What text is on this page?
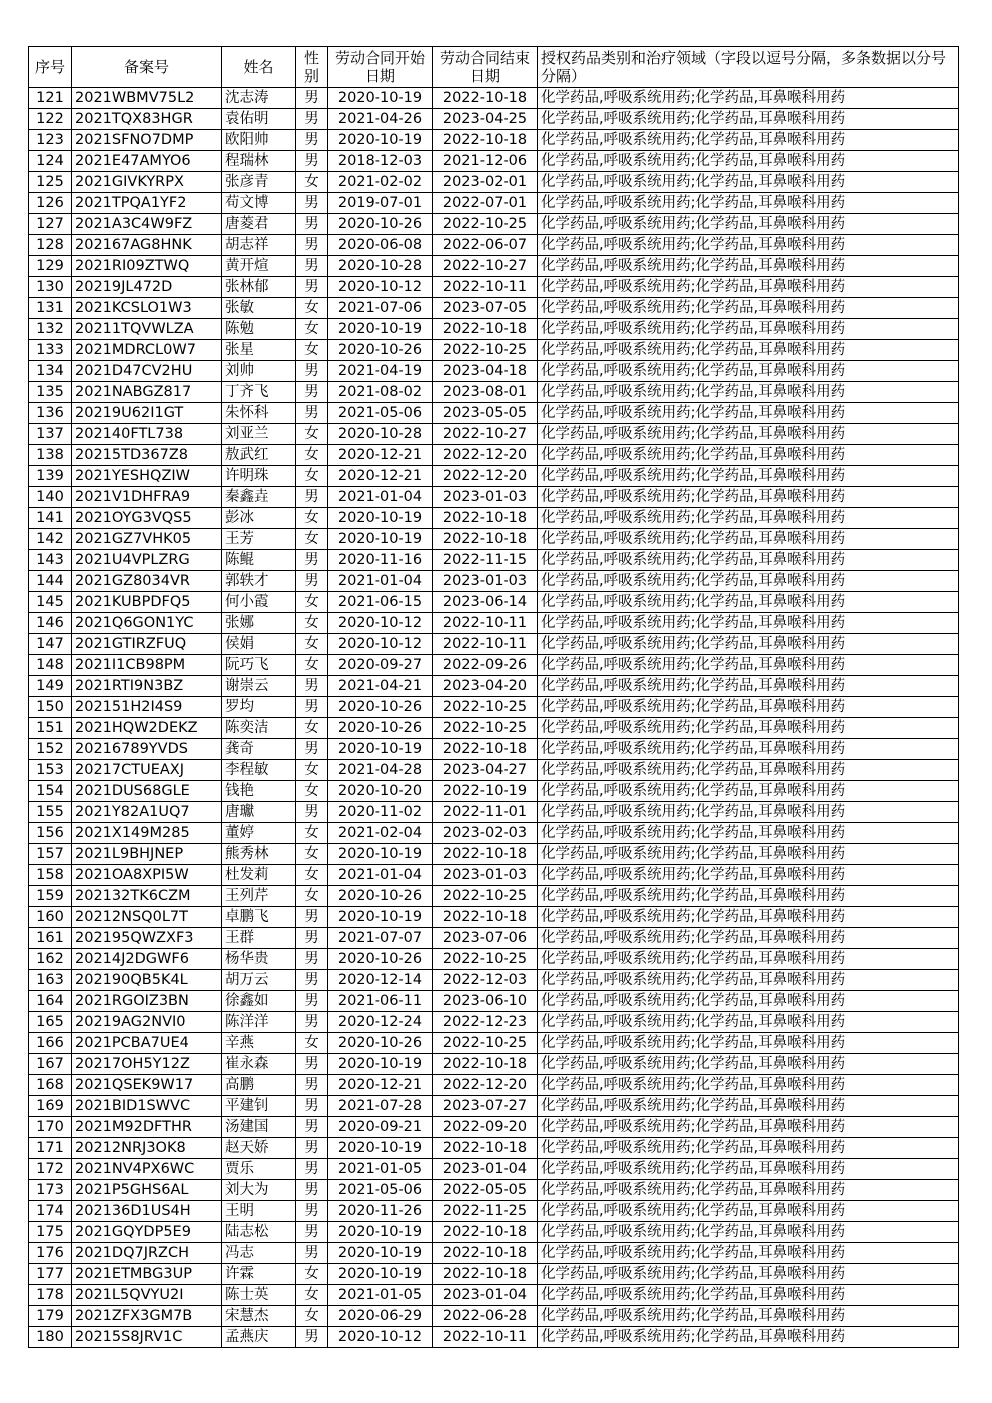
序号	备案号	姓名	性别	劳动合同开始日期	劳动合同结束日期	授权药品类别和治疗领域（字段以逗号分隔，多条数据以分号分隔）
121	2021WBMV75L2	沈志涛	男	2020-10-19	2022-10-18	化学药品,呼吸系统用药;化学药品,耳鼻喉科用药
122	2021TQX83HGR	袁佑明	男	2021-04-26	2023-04-25	化学药品,呼吸系统用药;化学药品,耳鼻喉科用药
123	2021SFNO7DMP	欧阳帅	男	2020-10-19	2022-10-18	化学药品,呼吸系统用药;化学药品,耳鼻喉科用药
124	2021E47AMYO6	程瑞林	男	2018-12-03	2021-12-06	化学药品,呼吸系统用药;化学药品,耳鼻喉科用药
125	2021GIVKYRPX	张彦青	女	2021-02-02	2023-02-01	化学药品,呼吸系统用药;化学药品,耳鼻喉科用药
126	2021TPQA1YF2	苟文博	男	2019-07-01	2022-07-01	化学药品,呼吸系统用药;化学药品,耳鼻喉科用药
127	2021A3C4W9FZ	唐菱君	男	2020-10-26	2022-10-25	化学药品,呼吸系统用药;化学药品,耳鼻喉科用药
128	202167AG8HNK	胡志祥	男	2020-06-08	2022-06-07	化学药品,呼吸系统用药;化学药品,耳鼻喉科用药
129	2021RI09ZTWQ	黄开煊	男	2020-10-28	2022-10-27	化学药品,呼吸系统用药;化学药品,耳鼻喉科用药
130	20219JL472D	张林郁	男	2020-10-12	2022-10-11	化学药品,呼吸系统用药;化学药品,耳鼻喉科用药
131	2021KCSLO1W3	张敏	女	2021-07-06	2023-07-05	化学药品,呼吸系统用药;化学药品,耳鼻喉科用药
132	20211TQVWLZA	陈勉	女	2020-10-19	2022-10-18	化学药品,呼吸系统用药;化学药品,耳鼻喉科用药
133	2021MDRCL0W7	张星	女	2020-10-26	2022-10-25	化学药品,呼吸系统用药;化学药品,耳鼻喉科用药
134	2021D47CV2HU	刘帅	男	2021-04-19	2023-04-18	化学药品,呼吸系统用药;化学药品,耳鼻喉科用药
135	2021NABGZ817	丁齐飞	男	2021-08-02	2023-08-01	化学药品,呼吸系统用药;化学药品,耳鼻喉科用药
136	20219U62I1GT	朱怀科	男	2021-05-06	2023-05-05	化学药品,呼吸系统用药;化学药品,耳鼻喉科用药
137	202140FTL738	刘亚兰	女	2020-10-28	2022-10-27	化学药品,呼吸系统用药;化学药品,耳鼻喉科用药
138	20215TD367Z8	敖武红	女	2020-12-21	2022-12-20	化学药品,呼吸系统用药;化学药品,耳鼻喉科用药
139	2021YESHQZIW	许明珠	女	2020-12-21	2022-12-20	化学药品,呼吸系统用药;化学药品,耳鼻喉科用药
140	2021V1DHFRA9	秦鑫垚	男	2021-01-04	2023-01-03	化学药品,呼吸系统用药;化学药品,耳鼻喉科用药
141	2021OYG3VQS5	彭冰	女	2020-10-19	2022-10-18	化学药品,呼吸系统用药;化学药品,耳鼻喉科用药
142	2021GZ7VHK05	王芳	女	2020-10-19	2022-10-18	化学药品,呼吸系统用药;化学药品,耳鼻喉科用药
143	2021U4VPLZRG	陈鲲	男	2020-11-16	2022-11-15	化学药品,呼吸系统用药;化学药品,耳鼻喉科用药
144	2021GZ8034VR	郭轶才	男	2021-01-04	2023-01-03	化学药品,呼吸系统用药;化学药品,耳鼻喉科用药
145	2021KUBPDFQ5	何小霞	女	2021-06-15	2023-06-14	化学药品,呼吸系统用药;化学药品,耳鼻喉科用药
146	2021Q6GON1YC	张娜	女	2020-10-12	2022-10-11	化学药品,呼吸系统用药;化学药品,耳鼻喉科用药
147	2021GTIRZFUQ	侯娟	女	2020-10-12	2022-10-11	化学药品,呼吸系统用药;化学药品,耳鼻喉科用药
148	2021I1CB98PM	阮巧飞	女	2020-09-27	2022-09-26	化学药品,呼吸系统用药;化学药品,耳鼻喉科用药
149	2021RTI9N3BZ	谢崇云	男	2021-04-21	2023-04-20	化学药品,呼吸系统用药;化学药品,耳鼻喉科用药
150	202151H2I4S9	罗均	男	2020-10-26	2022-10-25	化学药品,呼吸系统用药;化学药品,耳鼻喉科用药
151	2021HQW2DEKZ	陈奕洁	女	2020-10-26	2022-10-25	化学药品,呼吸系统用药;化学药品,耳鼻喉科用药
152	20216789YVDS	龚奇	男	2020-10-19	2022-10-18	化学药品,呼吸系统用药;化学药品,耳鼻喉科用药
153	20217CTUEAXJ	李程敏	女	2021-04-28	2023-04-27	化学药品,呼吸系统用药;化学药品,耳鼻喉科用药
154	2021DUS68GLE	钱艳	女	2020-10-20	2022-10-19	化学药品,呼吸系统用药;化学药品,耳鼻喉科用药
155	2021Y82A1UQ7	唐瓛	男	2020-11-02	2022-11-01	化学药品,呼吸系统用药;化学药品,耳鼻喉科用药
156	2021X149M285	董婷	女	2021-02-04	2023-02-03	化学药品,呼吸系统用药;化学药品,耳鼻喉科用药
157	2021L9BHJNEP	熊秀林	女	2020-10-19	2022-10-18	化学药品,呼吸系统用药;化学药品,耳鼻喉科用药
158	2021OA8XPI5W	杜发莉	女	2021-01-04	2023-01-03	化学药品,呼吸系统用药;化学药品,耳鼻喉科用药
159	202132TK6CZM	王列芹	女	2020-10-26	2022-10-25	化学药品,呼吸系统用药;化学药品,耳鼻喉科用药
160	20212NSQ0L7T	卓鹏飞	男	2020-10-19	2022-10-18	化学药品,呼吸系统用药;化学药品,耳鼻喉科用药
161	202195QWZXF3	王群	男	2021-07-07	2023-07-06	化学药品,呼吸系统用药;化学药品,耳鼻喉科用药
162	20214J2DGWF6	杨华贵	男	2020-10-26	2022-10-25	化学药品,呼吸系统用药;化学药品,耳鼻喉科用药
163	202190QB5K4L	胡万云	男	2020-12-14	2022-12-03	化学药品,呼吸系统用药;化学药品,耳鼻喉科用药
164	2021RGOIZ3BN	徐鑫如	男	2021-06-11	2023-06-10	化学药品,呼吸系统用药;化学药品,耳鼻喉科用药
165	20219AG2NVI0	陈洋洋	男	2020-12-24	2022-12-23	化学药品,呼吸系统用药;化学药品,耳鼻喉科用药
166	2021PCBA7UE4	辛燕	女	2020-10-26	2022-10-25	化学药品,呼吸系统用药;化学药品,耳鼻喉科用药
167	20217OH5Y12Z	崔永森	男	2020-10-19	2022-10-18	化学药品,呼吸系统用药;化学药品,耳鼻喉科用药
168	2021QSEK9W17	高鹏	男	2020-12-21	2022-12-20	化学药品,呼吸系统用药;化学药品,耳鼻喉科用药
169	2021BID1SWVC	平建钊	男	2021-07-28	2023-07-27	化学药品,呼吸系统用药;化学药品,耳鼻喉科用药
170	2021M92DFTHR	汤建国	男	2020-09-21	2022-09-20	化学药品,呼吸系统用药;化学药品,耳鼻喉科用药
171	20212NRJ3OK8	赵天娇	男	2020-10-19	2022-10-18	化学药品,呼吸系统用药;化学药品,耳鼻喉科用药
172	2021NV4PX6WC	贾乐	男	2021-01-05	2023-01-04	化学药品,呼吸系统用药;化学药品,耳鼻喉科用药
173	2021P5GHS6AL	刘大为	男	2021-05-06	2022-05-05	化学药品,呼吸系统用药;化学药品,耳鼻喉科用药
174	202136D1US4H	王明	男	2020-11-26	2022-11-25	化学药品,呼吸系统用药;化学药品,耳鼻喉科用药
175	2021GQYDP5E9	陆志松	男	2020-10-19	2022-10-18	化学药品,呼吸系统用药;化学药品,耳鼻喉科用药
176	2021DQ7JRZCH	冯志	男	2020-10-19	2022-10-18	化学药品,呼吸系统用药;化学药品,耳鼻喉科用药
177	2021ETMBG3UP	许霖	女	2020-10-19	2022-10-18	化学药品,呼吸系统用药;化学药品,耳鼻喉科用药
178	2021L5QVYU2I	陈士英	女	2021-01-05	2023-01-04	化学药品,呼吸系统用药;化学药品,耳鼻喉科用药
179	2021ZFX3GM7B	宋慧杰	女	2020-06-29	2022-06-28	化学药品,呼吸系统用药;化学药品,耳鼻喉科用药
180	20215S8JRV1C	孟燕庆	男	2020-10-12	2022-10-11	化学药品,呼吸系统用药;化学药品,耳鼻喉科用药
